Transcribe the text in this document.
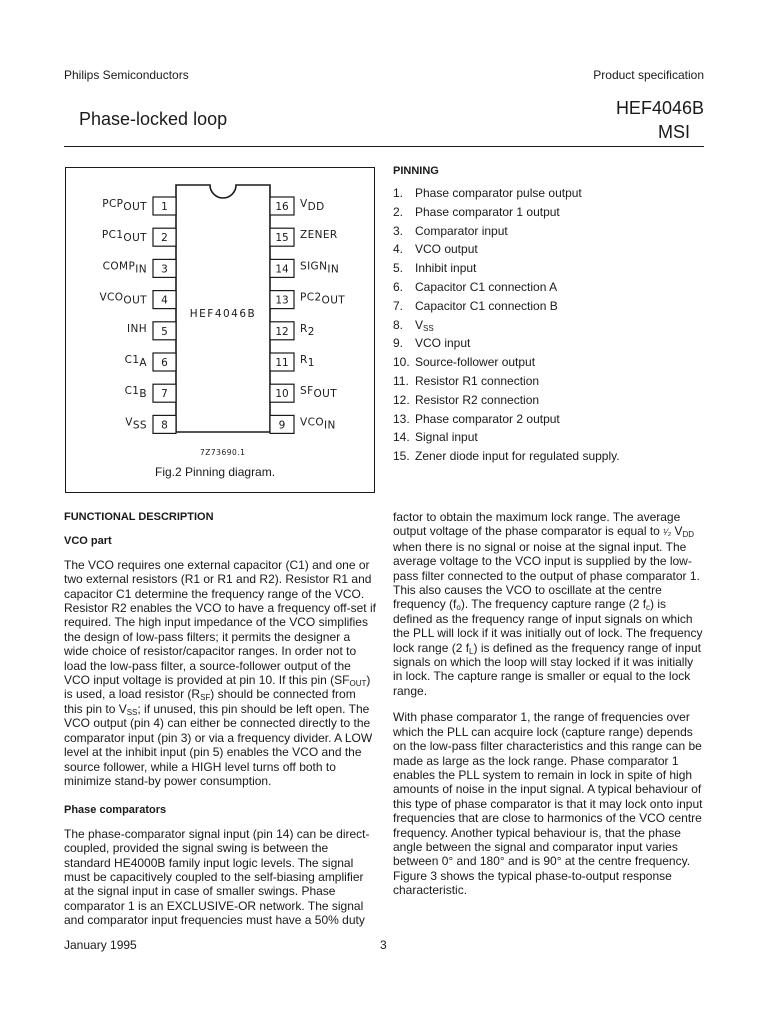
Philips Semiconductors	Product specification
Phase-locked loop
HEF4046B
MSI
HEF4046B
1
PCPOUT
2
PC1OUT
3
COMPIN
4
VCOOUT
5
INH
6
C1A
7
C1B
8
VSS
16 VDD
15 ZENER
14 SIGNIN
13 PC2OUT
12 R2
11 R1
10 SFOUT
9 VCOIN
7Z73690.1
Fig.2 Pinning diagram.
PINNING
1. Phase comparator pulse output
2. Phase comparator 1 output
3. Comparator input
4. VCO output
5. Inhibit input
6. Capacitor C1 connection A
7. Capacitor C1 connection B
8. $V_{SS}$
9. VCO input
10. Source-follower output
11. Resistor R1 connection
12. Resistor R2 connection
13. Phase comparator 2 output
14. Signal input
15. Zener diode input for regulated supply.

FUNCTIONAL DESCRIPTION

VCO part

The VCO requires one external capacitor (C1) and one or two external resistors (R1 or R1 and R2). Resistor R1 and capacitor C1 determine the frequency range of the VCO. Resistor R2 enables the VCO to have a frequency off-set if required. The high input impedance of the VCO simplifies the design of low-pass filters; it permits the designer a wide choice of resistor/capacitor ranges. In order not to load the low-pass filter, a source-follower output of the VCO input voltage is provided at pin 10. If this pin $(SF_{OUT})$ is used, a load resistor $(R_{SF})$ should be connected from this pin to $V_{SS}$; if unused, this pin should be left open. The VCO output (pin 4) can either be connected directly to the comparator input (pin 3) or via a frequency divider. A LOW level at the inhibit input (pin 5) enables the VCO and the source follower, while a HIGH level turns off both to minimize stand-by power consumption.

Phase comparators

The phase-comparator signal input (pin 14) can be direct-coupled, provided the signal swing is between the standard HE4000B family input logic levels. The signal must be capacitively coupled to the self-biasing amplifier at the signal input in case of smaller swings. Phase comparator 1 is an EXCLUSIVE-OR network. The signal and comparator input frequencies must have a 50% duty

factor to obtain the maximum lock range. The average output voltage of the phase comparator is equal to ¹⁄₂ $V_{DD}$ when there is no signal or noise at the signal input. The average voltage to the VCO input is supplied by the low-pass filter connected to the output of phase comparator 1. This also causes the VCO to oscillate at the centre frequency $(f_o)$. The frequency capture range (2 $f_c$) is defined as the frequency range of input signals on which the PLL will lock if it was initially out of lock. The frequency lock range (2 $f_L$) is defined as the frequency range of input signals on which the loop will stay locked if it was initially in lock. The capture range is smaller or equal to the lock range.

With phase comparator 1, the range of frequencies over which the PLL can acquire lock (capture range) depends on the low-pass filter characteristics and this range can be made as large as the lock range. Phase comparator 1 enables the PLL system to remain in lock in spite of high amounts of noise in the input signal. A typical behaviour of this type of phase comparator is that it may lock onto input frequencies that are close to harmonics of the VCO centre frequency. Another typical behaviour is, that the phase angle between the signal and comparator input varies between 0° and 180° and is 90° at the centre frequency. Figure 3 shows the typical phase-to-output response characteristic.

January 1995	3
